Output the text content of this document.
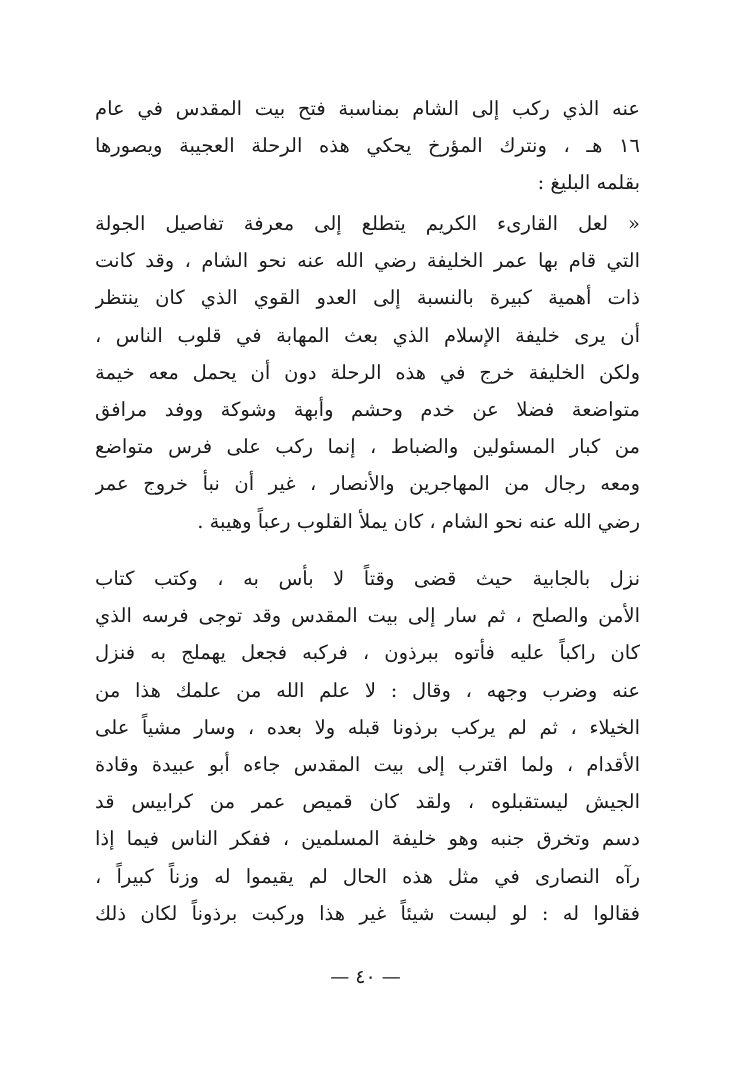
عنه الذي ركب إلى الشام بمناسبة فتح بيت المقدس في عام
١٦ هـ ، ونترك المؤرخ يحكي هذه الرحلة العجيبة ويصورها
بقلمه البليغ :
« لعل القارىء الكريم يتطلع إلى معرفة تفاصيل الجولة
التي قام بها عمر الخليفة رضي الله عنه نحو الشام ، وقد كانت
ذات أهمية كبيرة بالنسبة إلى العدو القوي الذي كان ينتظر
أن يرى خليفة الإسلام الذي بعث المهابة في قلوب الناس ،
ولكن الخليفة خرج في هذه الرحلة دون أن يحمل معه خيمة
متواضعة فضلا عن خدم وحشم وأبهة وشوكة ووفد مرافق
من كبار المسئولين والضباط ، إنما ركب على فرس متواضع
ومعه رجال من المهاجرين والأنصار ، غير أن نبأ خروج عمر
رضي الله عنه نحو الشام ، كان يملأ القلوب رعباً وهيبة .
نزل بالجابية حيث قضى وقتاً لا بأس به ، وكتب كتاب
الأمن والصلح ، ثم سار إلى بيت المقدس وقد توجى فرسه الذي
كان راكباً عليه فأتوه ببرذون ، فركبه فجعل يهملج به فنزل
عنه وضرب وجهه ، وقال : لا علم الله من علمك هذا من
الخيلاء ، ثم لم يركب برذونا قبله ولا بعده ، وسار مشياً على
الأقدام ، ولما اقترب إلى بيت المقدس جاءه أبو عبيدة وقادة
الجيش ليستقبلوه ، ولقد كان قميص عمر من كرابيس قد
دسم وتخرق جنبه وهو خليفة المسلمين ، ففكر الناس فيما إذا
رآه النصارى في مثل هذه الحال لم يقيموا له وزناً كبيراً ،
فقالوا له : لو لبست شيئاً غير هذا وركبت برذوناً لكان ذلك
— ٤٠ —
